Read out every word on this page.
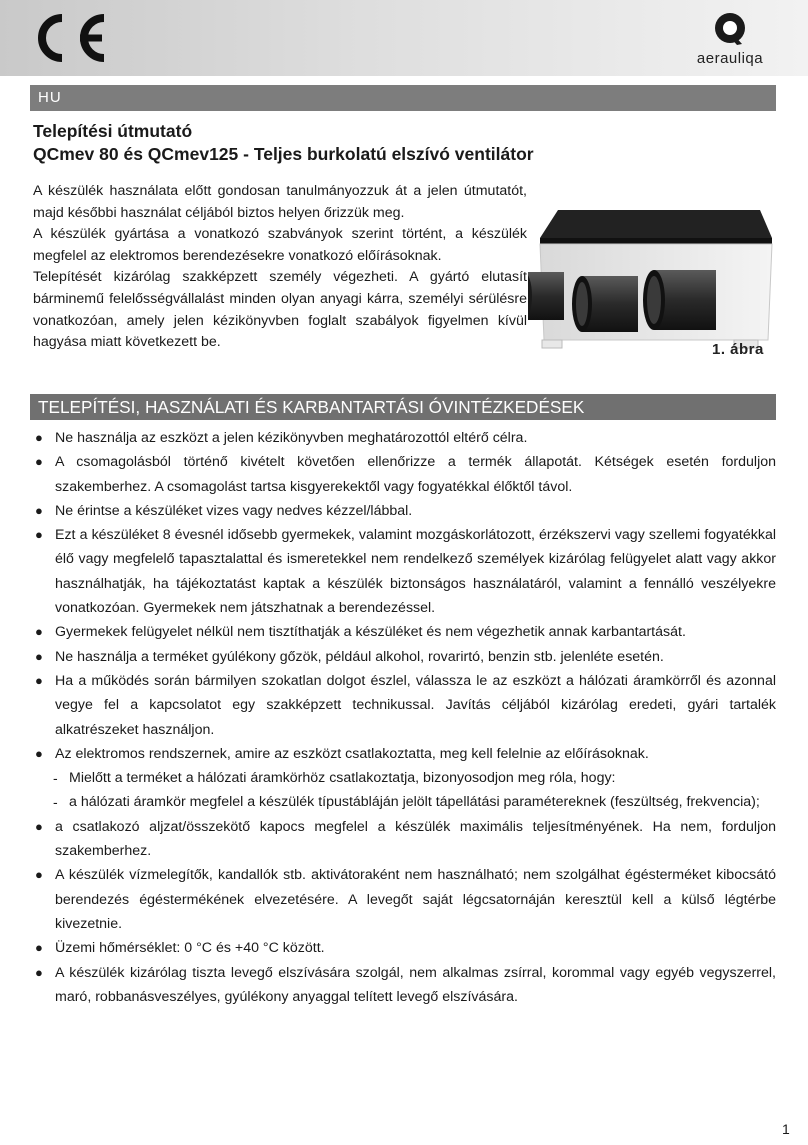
aerauliqa
HU
Telepítési útmutató
QCmev 80 és QCmev125 - Teljes burkolatú elszívó ventilátor

A készülék használata előtt gondosan tanulmányozzuk át a jelen útmutatót, majd későbbi használat céljából biztos helyen őrizzük meg.

A készülék gyártása a vonatkozó szabványok szerint történt, a készülék megfelel az elektromos berendezésekre vonatkozó előírásoknak.

Telepítését kizárólag szakképzett személy végezheti. A gyártó elutasít bárminemű felelősségvállalást minden olyan anyagi kárra, személyi sérülésre vonatkozóan, amely jelen kézikönyvben foglalt szabályok figyelmen kívül hagyása miatt következett be.	1. ábra
TELEPÍTÉSI, HASZNÁLATI ÉS KARBANTARTÁSI ÓVINTÉZKEDÉSEK
● Ne használja az eszközt a jelen kézikönyvben meghatározottól eltérő célra.
● A csomagolásból történő kivételt követően ellenőrizze a termék állapotát. Kétségek esetén forduljon szakemberhez. A csomagolást tartsa kisgyerekektől vagy fogyatékkal élőktől távol.
● Ne érintse a készüléket vizes vagy nedves kézzel/lábbal.
● Ezt a készüléket 8 évesnél idősebb gyermekek, valamint mozgáskorlátozott, érzékszervi vagy szellemi fogyatékkal élő vagy megfelelő tapasztalattal és ismeretekkel nem rendelkező személyek kizárólag felügyelet alatt vagy akkor használhatják, ha tájékoztatást kaptak a készülék biztonságos használatáról, valamint a fennálló veszélyekre vonatkozóan. Gyermekek nem játszhatnak a berendezéssel.
● Gyermekek felügyelet nélkül nem tisztíthatják a készüléket és nem végezhetik annak karbantartását.
● Ne használja a terméket gyúlékony gőzök, például alkohol, rovarirtó, benzin stb. jelenléte esetén.
● Ha a működés során bármilyen szokatlan dolgot észlel, válassza le az eszközt a hálózati áramkörről és azonnal vegye fel a kapcsolatot egy szakképzett technikussal. Javítás céljából kizárólag eredeti, gyári tartalék alkatrészeket használjon.
● Az elektromos rendszernek, amire az eszközt csatlakoztatta, meg kell felelnie az előírásoknak.
- Mielőtt a terméket a hálózati áramkörhöz csatlakoztatja, bizonyosodjon meg róla, hogy:
- a hálózati áramkör megfelel a készülék típustábláján jelölt tápellátási paramétereknek (feszültség, frekvencia);
● a csatlakozó aljzat/összekötő kapocs megfelel a készülék maximális teljesítményének. Ha nem, forduljon szakemberhez.
● A készülék vízmelegítők, kandallók stb. aktivátoraként nem használható; nem szolgálhat égésterméket kibocsátó berendezés égéstermékének elvezetésére. A levegőt saját légcsatornáján keresztül kell a külső légtérbe kivezetnie.
● Üzemi hőmérséklet: 0 °C és +40 °C között.
● A készülék kizárólag tiszta levegő elszívására szolgál, nem alkalmas zsírral, korommal vagy egyéb vegyszerrel, maró, robbanásveszélyes, gyúlékony anyaggal telített levegő elszívására.
1
